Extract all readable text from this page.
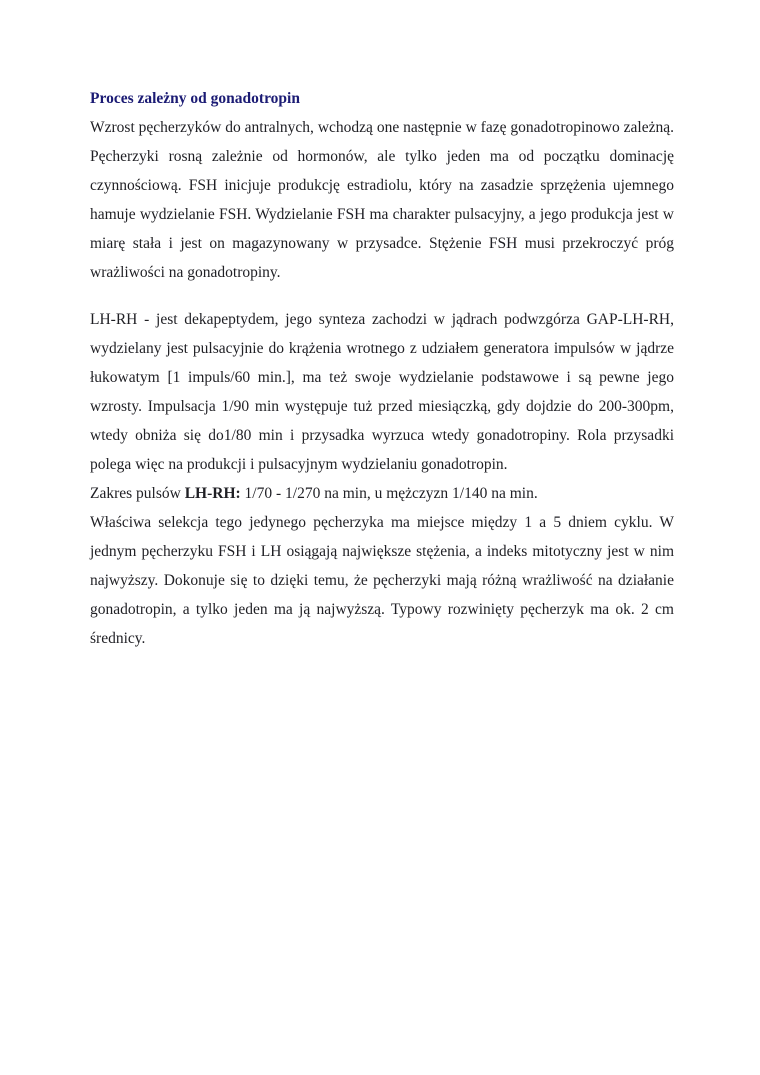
Proces zależny od gonadotropin

Wzrost pęcherzyków do antralnych, wchodzą one następnie w fazę gonadotropinowo zależną. Pęcherzyki rosną zależnie od hormonów, ale tylko jeden ma od początku dominację czynnościową. FSH inicjuje produkcję estradiolu, który na zasadzie sprzężenia ujemnego hamuje wydzielanie FSH. Wydzielanie FSH ma charakter pulsacyjny, a jego produkcja jest w miarę stała i jest on magazynowany w przysadce. Stężenie FSH musi przekroczyć próg wrażliwości na gonadotropiny.

LH-RH - jest dekapeptydem, jego synteza zachodzi w jądrach podwzgórza GAP-LH-RH, wydzielany jest pulsacyjnie do krążenia wrotnego z udziałem generatora impulsów w jądrze łukowatym [1 impuls/60 min.], ma też swoje wydzielanie podstawowe i są pewne jego wzrosty. Impulsacja 1/90 min występuje tuż przed miesiączką, gdy dojdzie do 200-300pm, wtedy obniża się do1/80 min i przysadka wyrzuca wtedy gonadotropiny. Rola przysadki polega więc na produkcji i pulsacyjnym wydzielaniu gonadotropin.

Zakres pulsów LH-RH: 1/70 - 1/270 na min, u mężczyzn 1/140 na min.

Właściwa selekcja tego jedynego pęcherzyka ma miejsce między 1 a 5 dniem cyklu. W jednym pęcherzyku FSH i LH osiągają największe stężenia, a indeks mitotyczny jest w nim najwyższy. Dokonuje się to dzięki temu, że pęcherzyki mają różną wrażliwość na działanie gonadotropin, a tylko jeden ma ją najwyższą. Typowy rozwinięty pęcherzyk ma ok. 2 cm średnicy.
